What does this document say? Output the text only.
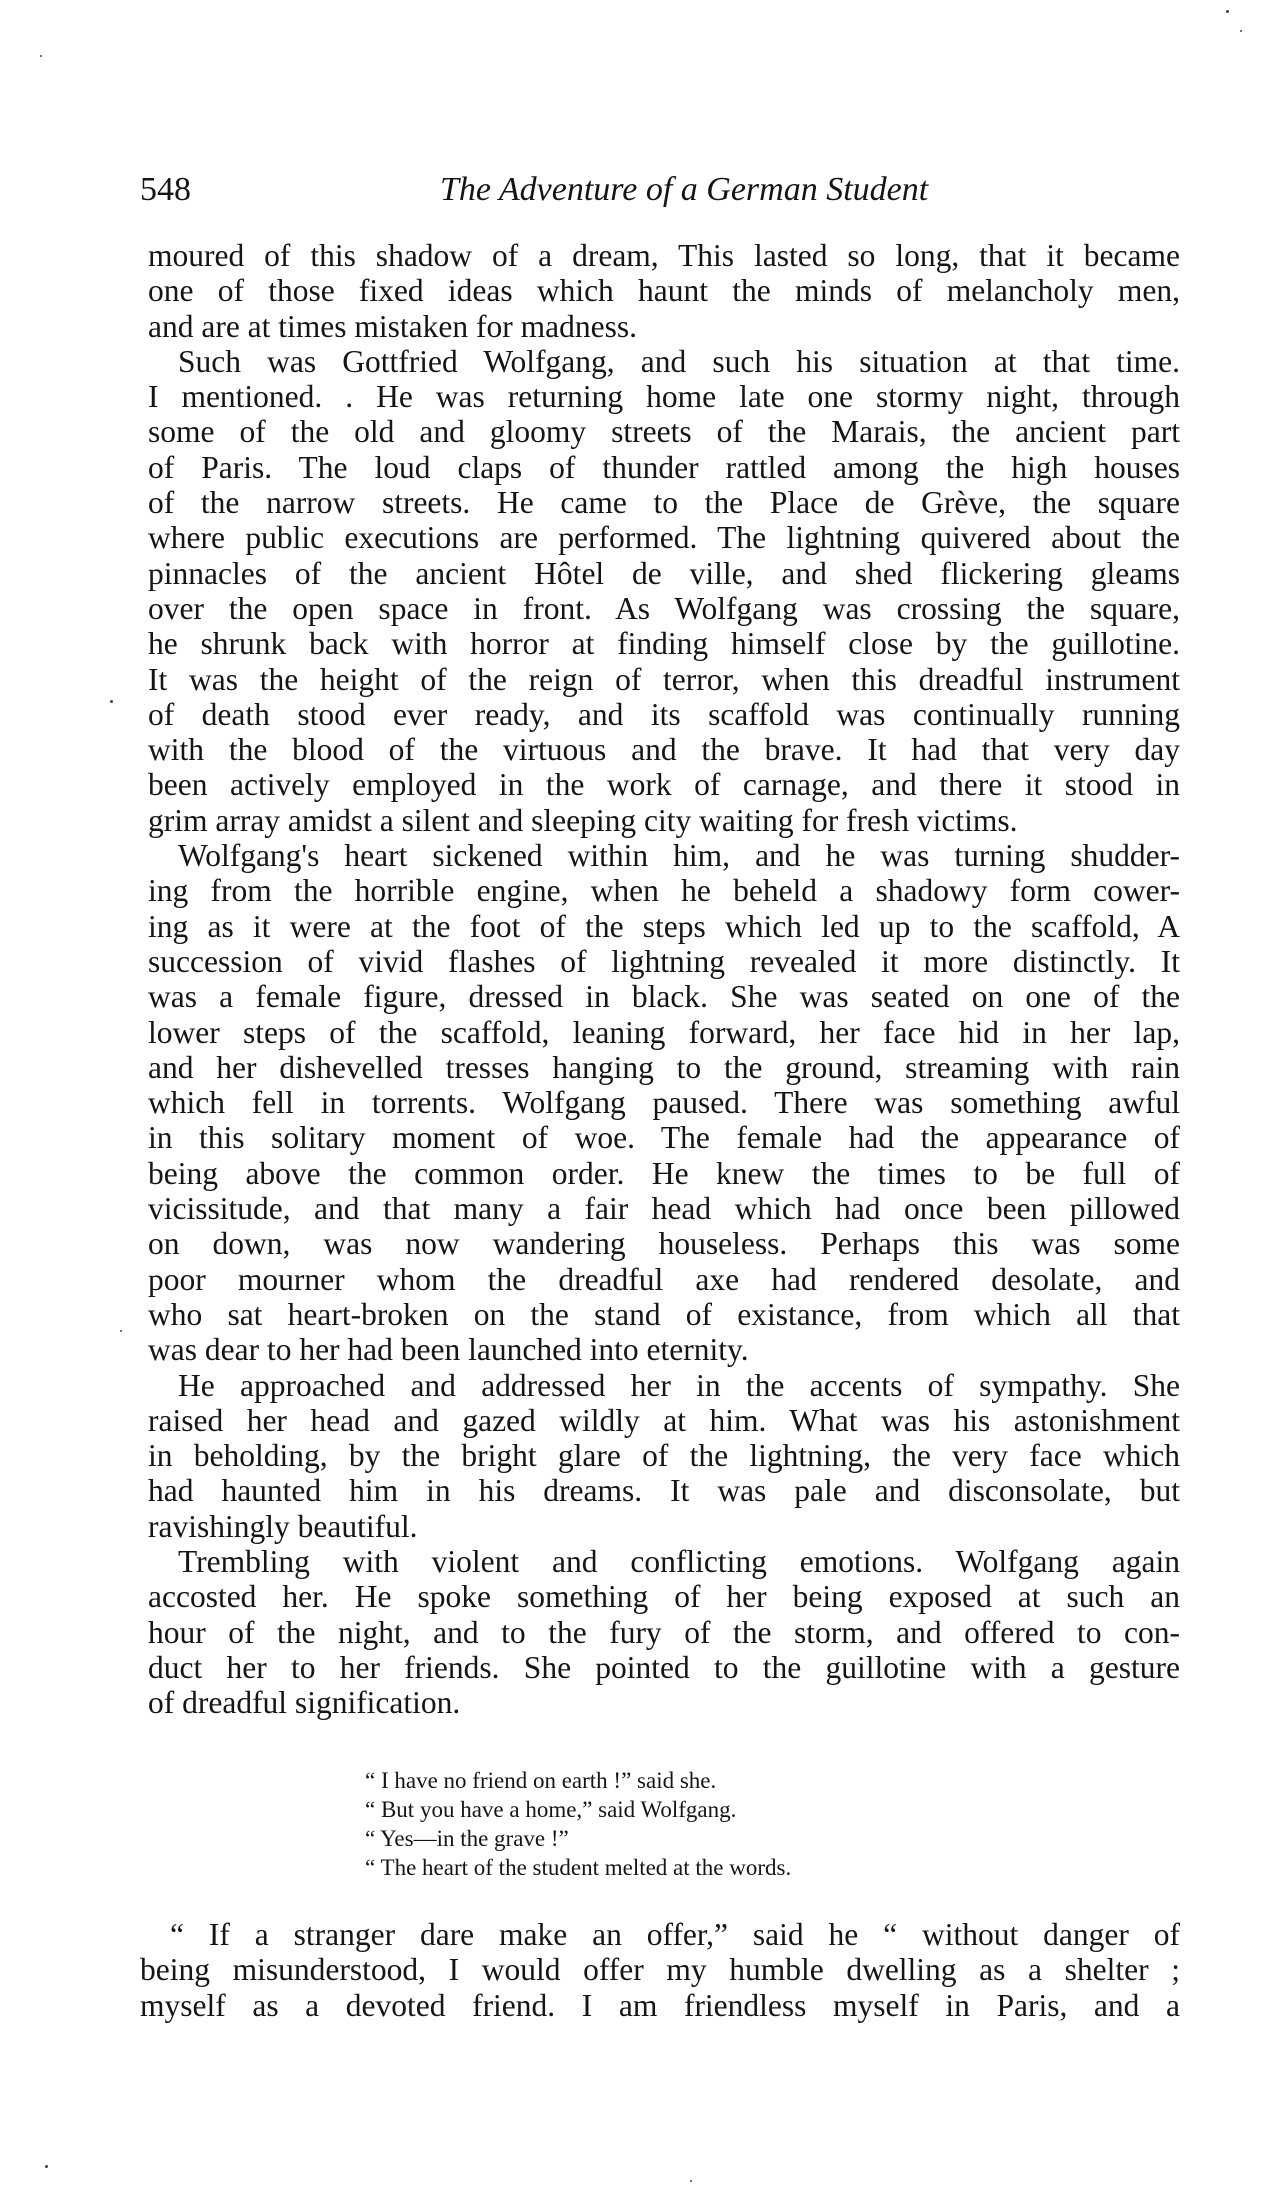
548	The Adventure of a German Student
moured of this shadow of a dream, This lasted so long, that it became
one of those fixed ideas which haunt the minds of melancholy men,
and are at times mistaken for madness.
Such was Gottfried Wolfgang, and such his situation at that time.
I mentioned. . He was returning home late one stormy night, through
some of the old and gloomy streets of the Marais, the ancient part
of Paris. The loud claps of thunder rattled among the high houses
of the narrow streets. He came to the Place de Grève, the square
where public executions are performed. The lightning quivered about the
pinnacles of the ancient Hôtel de ville, and shed flickering gleams
over the open space in front. As Wolfgang was crossing the square,
he shrunk back with horror at finding himself close by the guillotine.
It was the height of the reign of terror, when this dreadful instrument
of death stood ever ready, and its scaffold was continually running
with the blood of the virtuous and the brave. It had that very day
been actively employed in the work of carnage, and there it stood in
grim array amidst a silent and sleeping city waiting for fresh victims.
Wolfgang's heart sickened within him, and he was turning shudder-
ing from the horrible engine, when he beheld a shadowy form cower-
ing as it were at the foot of the steps which led up to the scaffold, A
succession of vivid flashes of lightning revealed it more distinctly. It
was a female figure, dressed in black. She was seated on one of the
lower steps of the scaffold, leaning forward, her face hid in her lap,
and her dishevelled tresses hanging to the ground, streaming with rain
which fell in torrents. Wolfgang paused. There was something awful
in this solitary moment of woe. The female had the appearance of
being above the common order. He knew the times to be full of
vicissitude, and that many a fair head which had once been pillowed
on down, was now wandering houseless. Perhaps this was some
poor mourner whom the dreadful axe had rendered desolate, and
who sat heart-broken on the stand of existance, from which all that
was dear to her had been launched into eternity.
He approached and addressed her in the accents of sympathy. She
raised her head and gazed wildly at him. What was his astonishment
in beholding, by the bright glare of the lightning, the very face which
had haunted him in his dreams. It was pale and disconsolate, but
ravishingly beautiful.
Trembling with violent and conflicting emotions. Wolfgang again
accosted her. He spoke something of her being exposed at such an
hour of the night, and to the fury of the storm, and offered to con-
duct her to her friends. She pointed to the guillotine with a gesture
of dreadful signification.
“ I have no friend on earth !” said she.
“ But you have a home,” said Wolfgang.
“ Yes—in the grave !”
“ The heart of the student melted at the words.
“ If a stranger dare make an offer,” said he “ without danger of
being misunderstood, I would offer my humble dwelling as a shelter ;
myself as a devoted friend. I am friendless myself in Paris, and a
